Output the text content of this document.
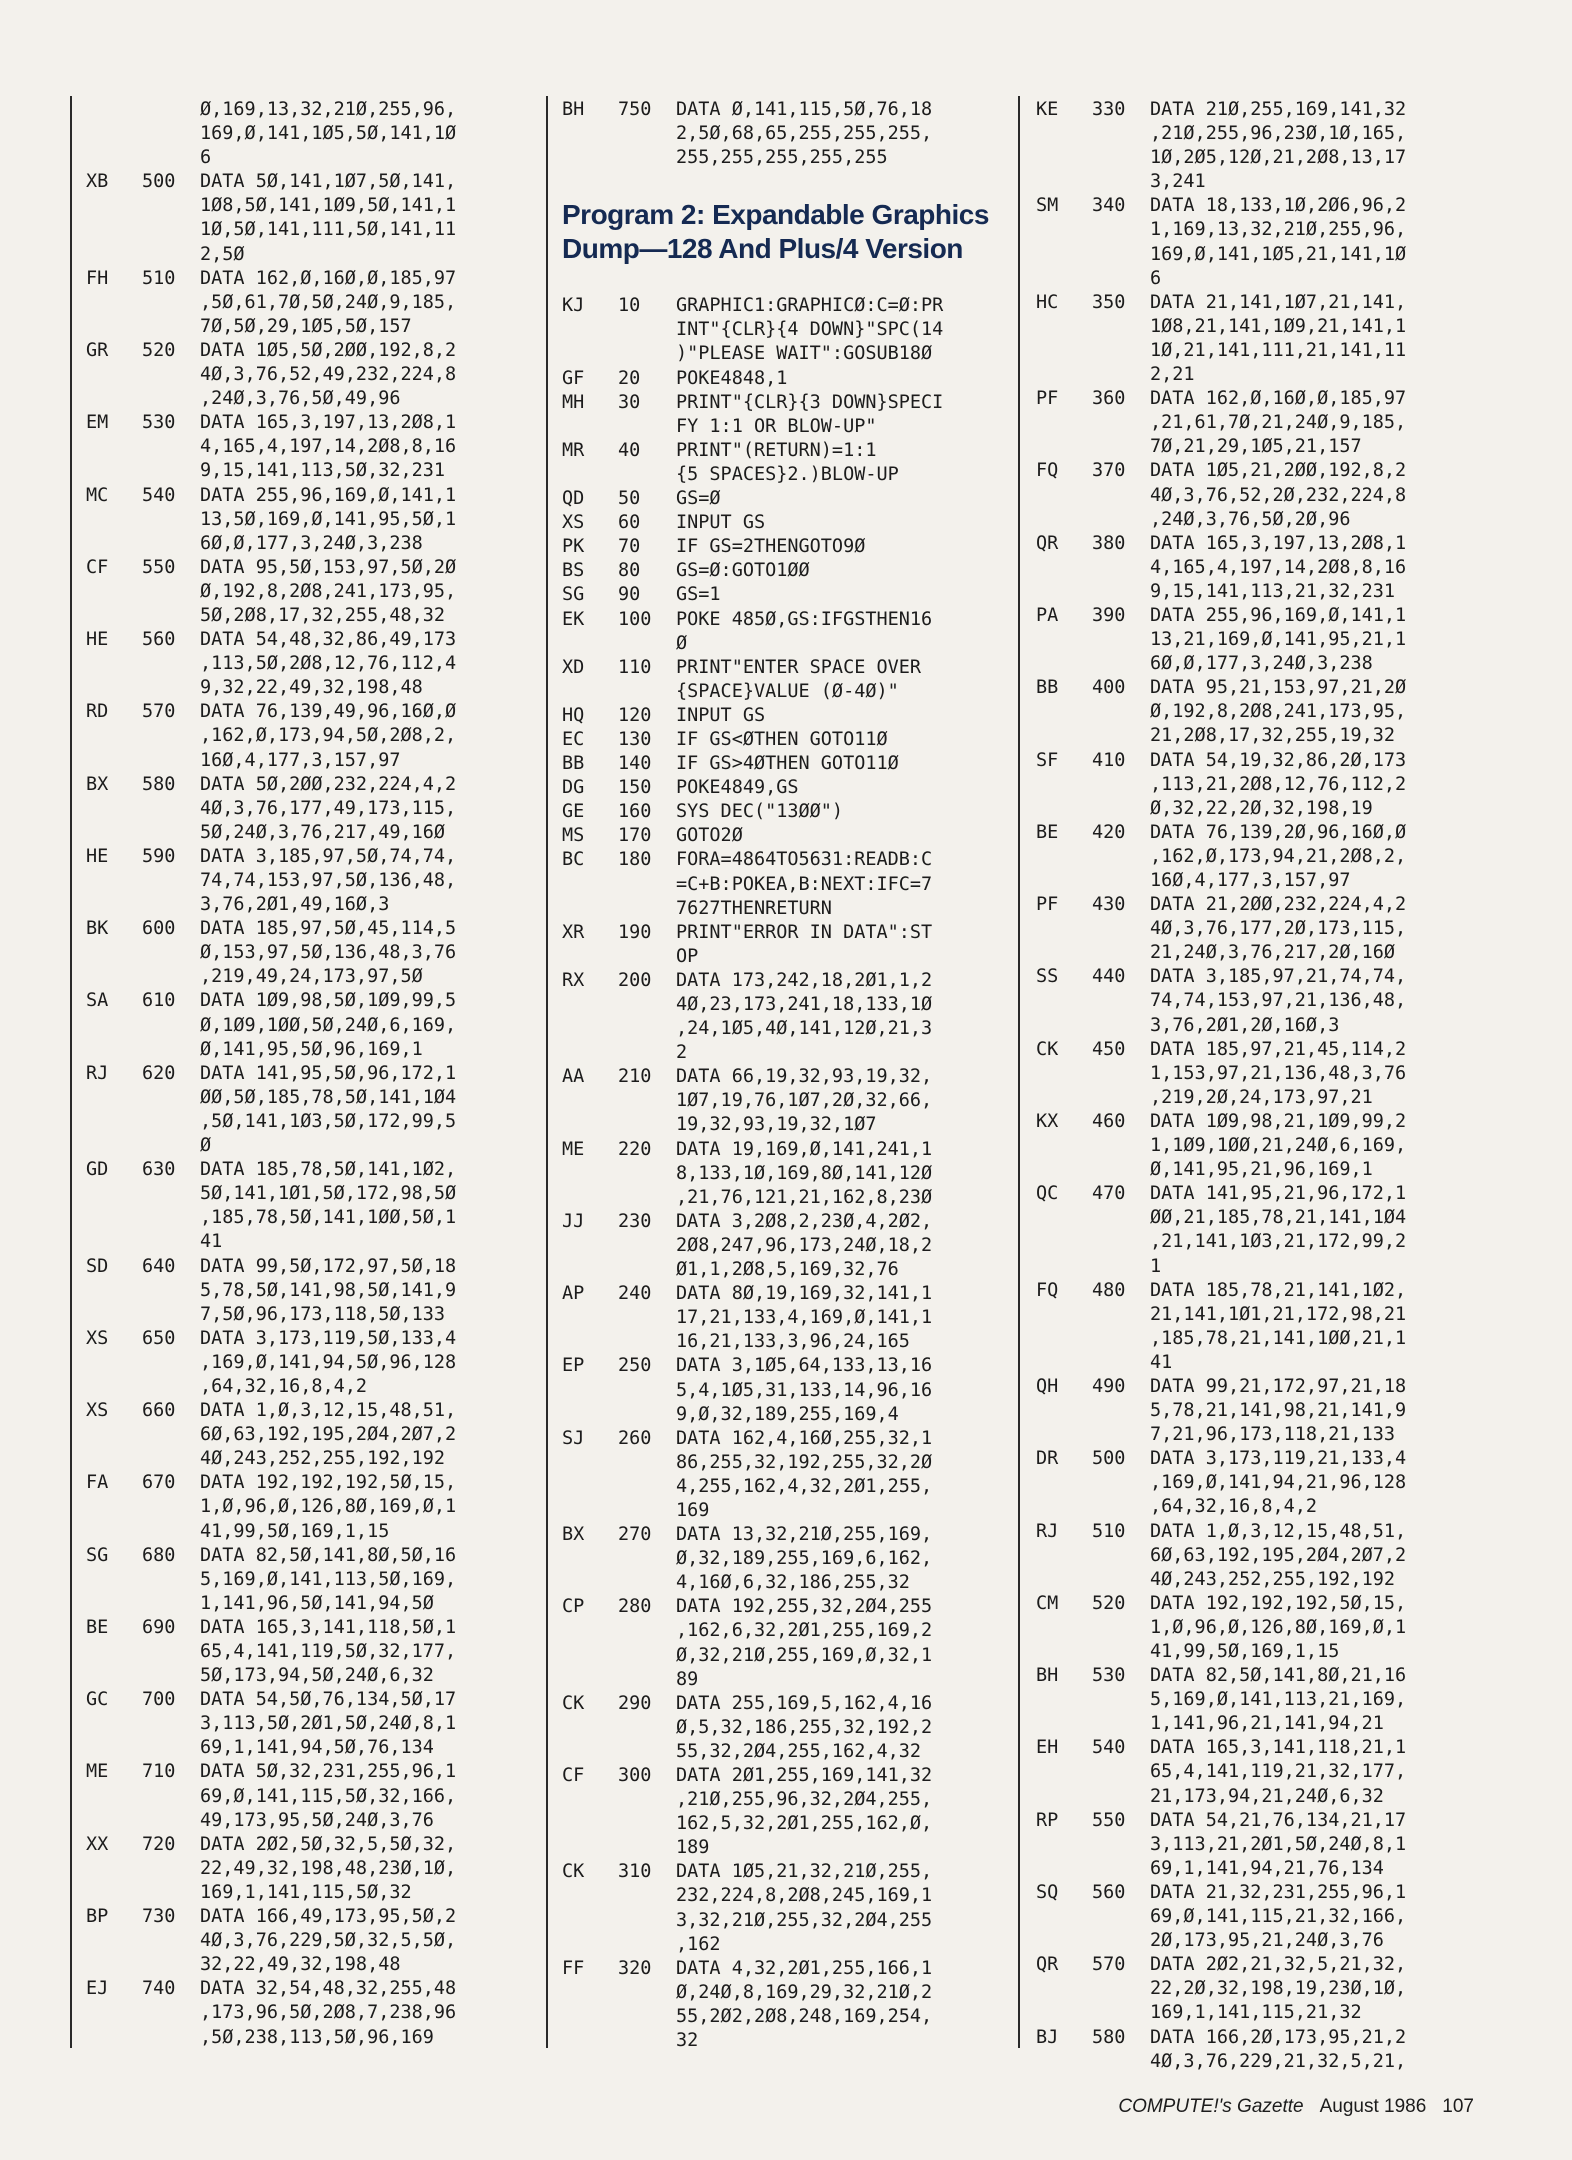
Ø,169,13,32,21Ø,255,96,
169,Ø,141,1Ø5,5Ø,141,1Ø
6
XB	500	DATA 5Ø,141,1Ø7,5Ø,141,
1Ø8,5Ø,141,1Ø9,5Ø,141,1
1Ø,5Ø,141,111,5Ø,141,11
2,5Ø
FH	510	DATA 162,Ø,16Ø,Ø,185,97
,5Ø,61,7Ø,5Ø,24Ø,9,185,
7Ø,5Ø,29,1Ø5,5Ø,157
GR	520	DATA 1Ø5,5Ø,2ØØ,192,8,2
4Ø,3,76,52,49,232,224,8
,24Ø,3,76,5Ø,49,96
EM	530	DATA 165,3,197,13,2Ø8,1
4,165,4,197,14,2Ø8,8,16
9,15,141,113,5Ø,32,231
MC	540	DATA 255,96,169,Ø,141,1
13,5Ø,169,Ø,141,95,5Ø,1
6Ø,Ø,177,3,24Ø,3,238
CF	550	DATA 95,5Ø,153,97,5Ø,2Ø
Ø,192,8,2Ø8,241,173,95,
5Ø,2Ø8,17,32,255,48,32
HE	560	DATA 54,48,32,86,49,173
,113,5Ø,2Ø8,12,76,112,4
9,32,22,49,32,198,48
RD	570	DATA 76,139,49,96,16Ø,Ø
,162,Ø,173,94,5Ø,2Ø8,2,
16Ø,4,177,3,157,97
BX	580	DATA 5Ø,2ØØ,232,224,4,2
4Ø,3,76,177,49,173,115,
5Ø,24Ø,3,76,217,49,16Ø
HE	590	DATA 3,185,97,5Ø,74,74,
74,74,153,97,5Ø,136,48,
3,76,2Ø1,49,16Ø,3
BK	600	DATA 185,97,5Ø,45,114,5
Ø,153,97,5Ø,136,48,3,76
,219,49,24,173,97,5Ø
SA	610	DATA 1Ø9,98,5Ø,1Ø9,99,5
Ø,1Ø9,1ØØ,5Ø,24Ø,6,169,
Ø,141,95,5Ø,96,169,1
RJ	620	DATA 141,95,5Ø,96,172,1
ØØ,5Ø,185,78,5Ø,141,1Ø4
,5Ø,141,1Ø3,5Ø,172,99,5
Ø
GD	630	DATA 185,78,5Ø,141,1Ø2,
5Ø,141,1Ø1,5Ø,172,98,5Ø
,185,78,5Ø,141,1ØØ,5Ø,1
41
SD	640	DATA 99,5Ø,172,97,5Ø,18
5,78,5Ø,141,98,5Ø,141,9
7,5Ø,96,173,118,5Ø,133
XS	650	DATA 3,173,119,5Ø,133,4
,169,Ø,141,94,5Ø,96,128
,64,32,16,8,4,2
XS	660	DATA 1,Ø,3,12,15,48,51,
6Ø,63,192,195,2Ø4,2Ø7,2
4Ø,243,252,255,192,192
FA	670	DATA 192,192,192,5Ø,15,
1,Ø,96,Ø,126,8Ø,169,Ø,1
41,99,5Ø,169,1,15
SG	680	DATA 82,5Ø,141,8Ø,5Ø,16
5,169,Ø,141,113,5Ø,169,
1,141,96,5Ø,141,94,5Ø
BE	690	DATA 165,3,141,118,5Ø,1
65,4,141,119,5Ø,32,177,
5Ø,173,94,5Ø,24Ø,6,32
GC	700	DATA 54,5Ø,76,134,5Ø,17
3,113,5Ø,2Ø1,5Ø,24Ø,8,1
69,1,141,94,5Ø,76,134
ME	710	DATA 5Ø,32,231,255,96,1
69,Ø,141,115,5Ø,32,166,
49,173,95,5Ø,24Ø,3,76
XX	720	DATA 2Ø2,5Ø,32,5,5Ø,32,
22,49,32,198,48,23Ø,1Ø,
169,1,141,115,5Ø,32
BP	730	DATA 166,49,173,95,5Ø,2
4Ø,3,76,229,5Ø,32,5,5Ø,
32,22,49,32,198,48
EJ	740	DATA 32,54,48,32,255,48
,173,96,5Ø,2Ø8,7,238,96
,5Ø,238,113,5Ø,96,169
BH	750	DATA Ø,141,115,5Ø,76,18
2,5Ø,68,65,255,255,255,
255,255,255,255,255
Program 2: Expandable Graphics Dump—128 And Plus/4 Version
KJ	10	GRAPHIC1:GRAPHICØ:C=Ø:PR
INT"{CLR}{4 DOWN}"SPC(14
)"PLEASE WAIT":GOSUB18Ø
GF	20	POKE4848,1
MH	30	PRINT"{CLR}{3 DOWN}SPECI
FY 1:1 OR BLOW-UP"
MR	40	PRINT"(RETURN)=1:1
{5 SPACES}2.)BLOW-UP
QD	50	GS=Ø
XS	60	INPUT GS
PK	70	IF GS=2THENGOTO9Ø
BS	80	GS=Ø:GOTO1ØØ
SG	90	GS=1
EK	100	POKE 485Ø,GS:IFGSTHEN16
Ø
XD	110	PRINT"ENTER SPACE OVER
{SPACE}VALUE (Ø-4Ø)"
HQ	120	INPUT GS
EC	130	IF GS<ØTHEN GOTO11Ø
BB	140	IF GS>4ØTHEN GOTO11Ø
DG	150	POKE4849,GS
GE	160	SYS DEC("13ØØ")
MS	170	GOTO2Ø
BC	180	FORA=4864TO5631:READB:C
=C+B:POKEA,B:NEXT:IFC=7
7627THENRETURN
XR	190	PRINT"ERROR IN DATA":ST
OP
RX	200	DATA 173,242,18,2Ø1,1,2
4Ø,23,173,241,18,133,1Ø
,24,1Ø5,4Ø,141,12Ø,21,3
2
AA	210	DATA 66,19,32,93,19,32,
1Ø7,19,76,1Ø7,2Ø,32,66,
19,32,93,19,32,1Ø7
ME	220	DATA 19,169,Ø,141,241,1
8,133,1Ø,169,8Ø,141,12Ø
,21,76,121,21,162,8,23Ø
JJ	230	DATA 3,2Ø8,2,23Ø,4,2Ø2,
2Ø8,247,96,173,24Ø,18,2
Ø1,1,2Ø8,5,169,32,76
AP	240	DATA 8Ø,19,169,32,141,1
17,21,133,4,169,Ø,141,1
16,21,133,3,96,24,165
EP	250	DATA 3,1Ø5,64,133,13,16
5,4,1Ø5,31,133,14,96,16
9,Ø,32,189,255,169,4
SJ	260	DATA 162,4,16Ø,255,32,1
86,255,32,192,255,32,2Ø
4,255,162,4,32,2Ø1,255,
169
BX	270	DATA 13,32,21Ø,255,169,
Ø,32,189,255,169,6,162,
4,16Ø,6,32,186,255,32
CP	280	DATA 192,255,32,2Ø4,255
,162,6,32,2Ø1,255,169,2
Ø,32,21Ø,255,169,Ø,32,1
89
CK	290	DATA 255,169,5,162,4,16
Ø,5,32,186,255,32,192,2
55,32,2Ø4,255,162,4,32
CF	300	DATA 2Ø1,255,169,141,32
,21Ø,255,96,32,2Ø4,255,
162,5,32,2Ø1,255,162,Ø,
189
CK	310	DATA 1Ø5,21,32,21Ø,255,
232,224,8,2Ø8,245,169,1
3,32,21Ø,255,32,2Ø4,255
,162
FF	320	DATA 4,32,2Ø1,255,166,1
Ø,24Ø,8,169,29,32,21Ø,2
55,2Ø2,2Ø8,248,169,254,
32
KE	330	DATA 21Ø,255,169,141,32
,21Ø,255,96,23Ø,1Ø,165,
1Ø,2Ø5,12Ø,21,2Ø8,13,17
3,241
SM	340	DATA 18,133,1Ø,2Ø6,96,2
1,169,13,32,21Ø,255,96,
169,Ø,141,1Ø5,21,141,1Ø
6
HC	350	DATA 21,141,1Ø7,21,141,
1Ø8,21,141,1Ø9,21,141,1
1Ø,21,141,111,21,141,11
2,21
PF	360	DATA 162,Ø,16Ø,Ø,185,97
,21,61,7Ø,21,24Ø,9,185,
7Ø,21,29,1Ø5,21,157
FQ	370	DATA 1Ø5,21,2ØØ,192,8,2
4Ø,3,76,52,2Ø,232,224,8
,24Ø,3,76,5Ø,2Ø,96
QR	380	DATA 165,3,197,13,2Ø8,1
4,165,4,197,14,2Ø8,8,16
9,15,141,113,21,32,231
PA	390	DATA 255,96,169,Ø,141,1
13,21,169,Ø,141,95,21,1
6Ø,Ø,177,3,24Ø,3,238
BB	400	DATA 95,21,153,97,21,2Ø
Ø,192,8,2Ø8,241,173,95,
21,2Ø8,17,32,255,19,32
SF	410	DATA 54,19,32,86,2Ø,173
,113,21,2Ø8,12,76,112,2
Ø,32,22,2Ø,32,198,19
BE	420	DATA 76,139,2Ø,96,16Ø,Ø
,162,Ø,173,94,21,2Ø8,2,
16Ø,4,177,3,157,97
PF	430	DATA 21,2ØØ,232,224,4,2
4Ø,3,76,177,2Ø,173,115,
21,24Ø,3,76,217,2Ø,16Ø
SS	440	DATA 3,185,97,21,74,74,
74,74,153,97,21,136,48,
3,76,2Ø1,2Ø,16Ø,3
CK	450	DATA 185,97,21,45,114,2
1,153,97,21,136,48,3,76
,219,2Ø,24,173,97,21
KX	460	DATA 1Ø9,98,21,1Ø9,99,2
1,1Ø9,1ØØ,21,24Ø,6,169,
Ø,141,95,21,96,169,1
QC	470	DATA 141,95,21,96,172,1
ØØ,21,185,78,21,141,1Ø4
,21,141,1Ø3,21,172,99,2
1
FQ	480	DATA 185,78,21,141,1Ø2,
21,141,1Ø1,21,172,98,21
,185,78,21,141,1ØØ,21,1
41
QH	490	DATA 99,21,172,97,21,18
5,78,21,141,98,21,141,9
7,21,96,173,118,21,133
DR	500	DATA 3,173,119,21,133,4
,169,Ø,141,94,21,96,128
,64,32,16,8,4,2
RJ	510	DATA 1,Ø,3,12,15,48,51,
6Ø,63,192,195,2Ø4,2Ø7,2
4Ø,243,252,255,192,192
CM	520	DATA 192,192,192,5Ø,15,
1,Ø,96,Ø,126,8Ø,169,Ø,1
41,99,5Ø,169,1,15
BH	530	DATA 82,5Ø,141,8Ø,21,16
5,169,Ø,141,113,21,169,
1,141,96,21,141,94,21
EH	540	DATA 165,3,141,118,21,1
65,4,141,119,21,32,177,
21,173,94,21,24Ø,6,32
RP	550	DATA 54,21,76,134,21,17
3,113,21,2Ø1,5Ø,24Ø,8,1
69,1,141,94,21,76,134
SQ	560	DATA 21,32,231,255,96,1
69,Ø,141,115,21,32,166,
2Ø,173,95,21,24Ø,3,76
QR	570	DATA 2Ø2,21,32,5,21,32,
22,2Ø,32,198,19,23Ø,1Ø,
169,1,141,115,21,32
BJ	580	DATA 166,2Ø,173,95,21,2
4Ø,3,76,229,21,32,5,21,
COMPUTE!'s Gazette August 1986 107
